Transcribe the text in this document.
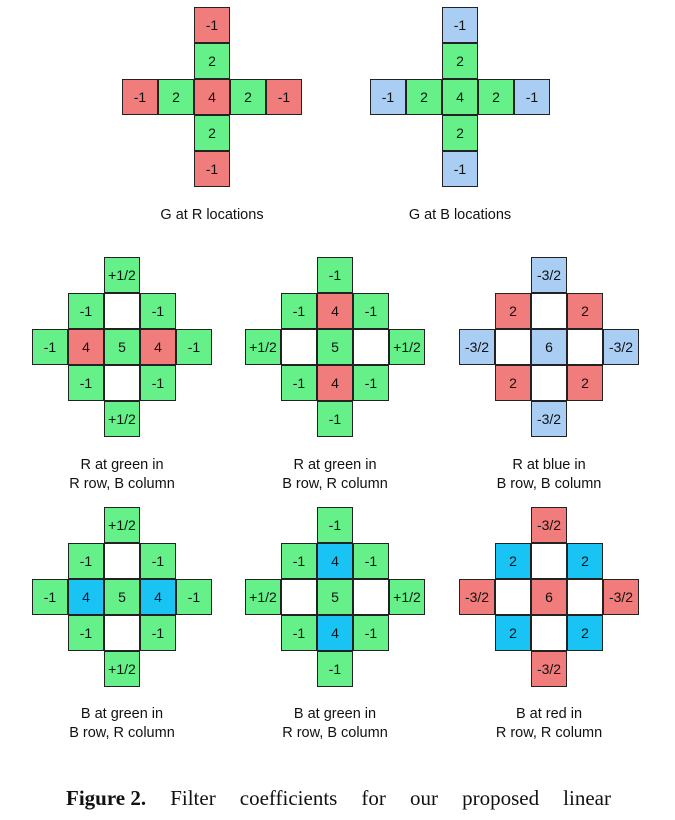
-1
2
-1	2	4	2	-1
2
-1
G at R locations
-1
2
-1	2	4	2	-1
2
-1
G at B locations
+1/2
-1	-1
-1	4	5	4	-1
-1	-1
+1/2
R at green in
R row, B column
-1
-1	4	-1
+1/2	5	+1/2
-1	4	-1
-1
R at green in
B row, R column
-3/2
2	2
-3/2	6	-3/2
2	2
-3/2
R at blue in
B row, B column
+1/2
-1	-1
-1	4	5	4	-1
-1	-1
+1/2
B at green in
B row, R column
-1
-1	4	-1
+1/2	5	+1/2
-1	4	-1
-1
B at green in
R row, B column
-3/2
2	2
-3/2	6	-3/2
2	2
-3/2
B at red in
R row, R column
Figure 2. Filter coefficients for our proposed linear
